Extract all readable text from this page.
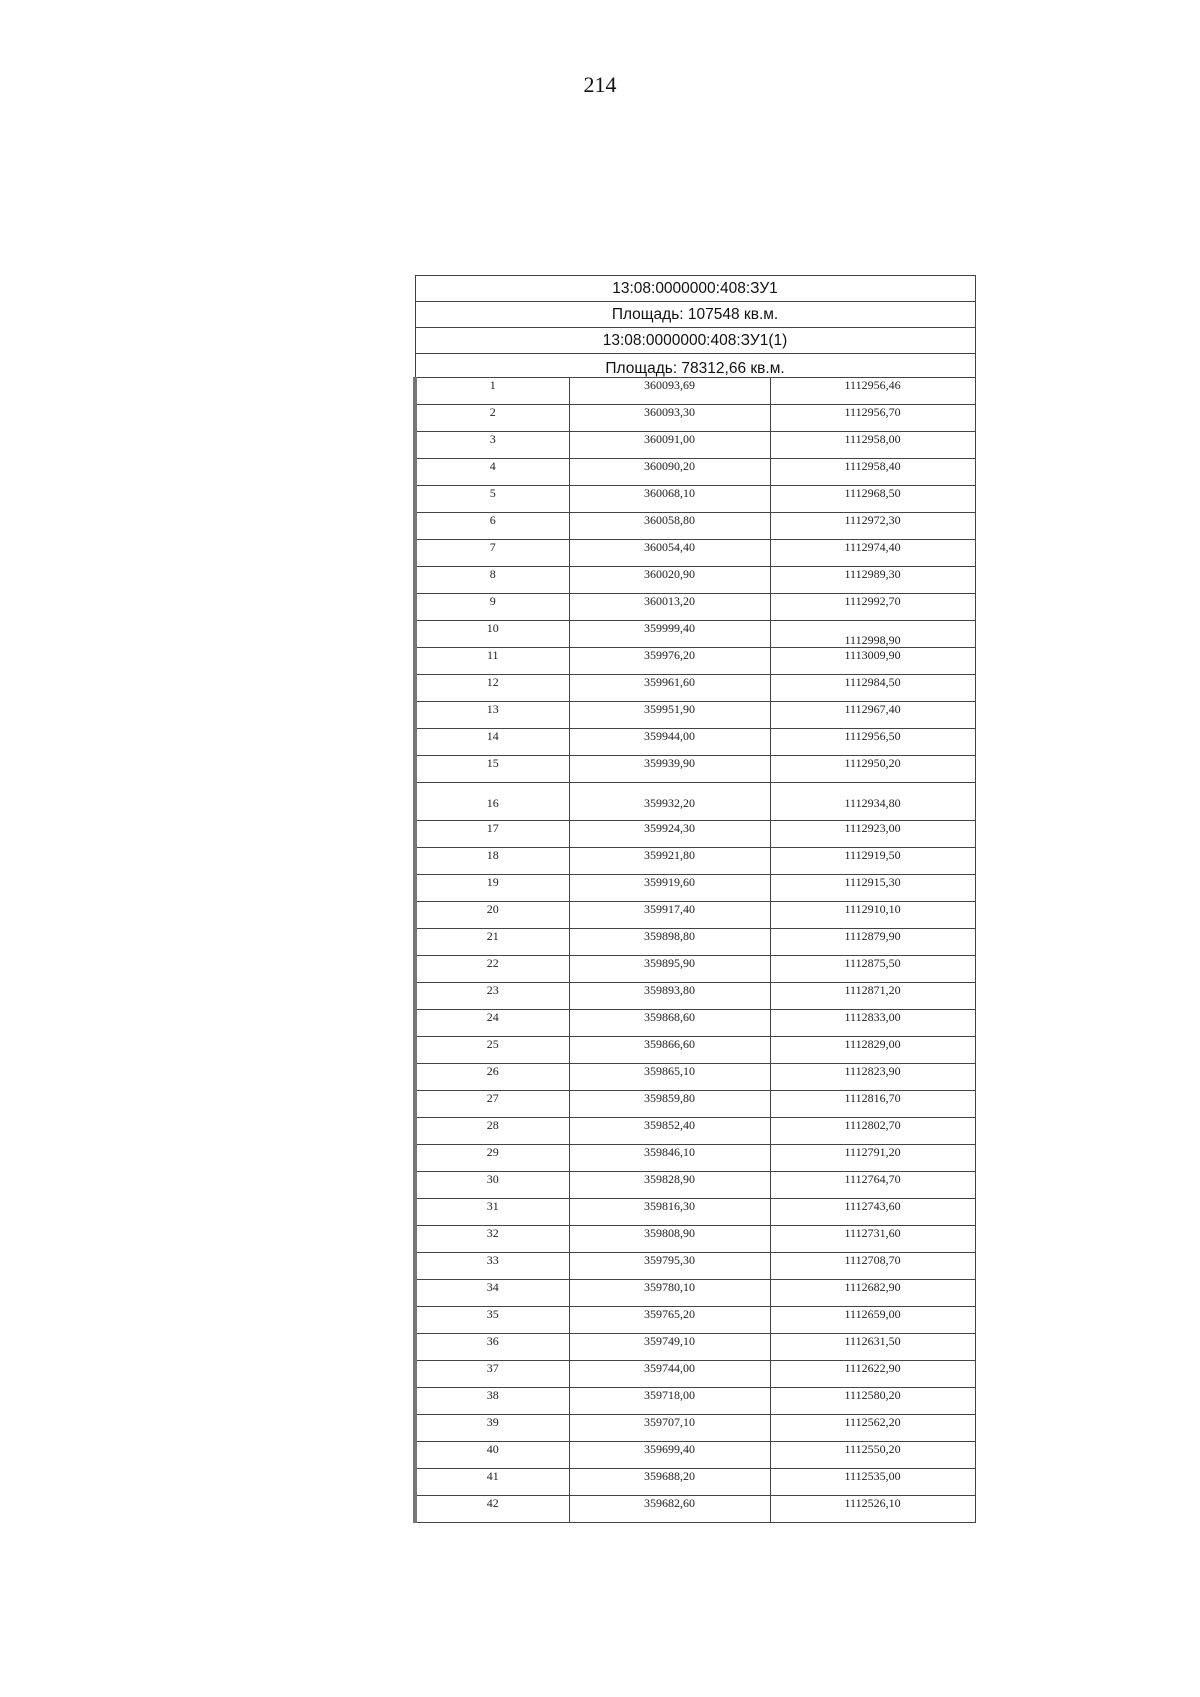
214
13:08:0000000:408:ЗУ1		
Площадь: 107548 кв.м.		
13:08:0000000:408:ЗУ1(1)		
Площадь: 78312,66 кв.м.		
1	360093,69	1112956,46
2	360093,30	1112956,70
3	360091,00	1112958,00
4	360090,20	1112958,40
5	360068,10	1112968,50
6	360058,80	1112972,30
7	360054,40	1112974,40
8	360020,90	1112989,30
9	360013,20	1112992,70
10	359999,40	1112998,90
11	359976,20	1113009,90
12	359961,60	1112984,50
13	359951,90	1112967,40
14	359944,00	1112956,50
15	359939,90	1112950,20
16	359932,20	1112934,80
17	359924,30	1112923,00
18	359921,80	1112919,50
19	359919,60	1112915,30
20	359917,40	1112910,10
21	359898,80	1112879,90
22	359895,90	1112875,50
23	359893,80	1112871,20
24	359868,60	1112833,00
25	359866,60	1112829,00
26	359865,10	1112823,90
27	359859,80	1112816,70
28	359852,40	1112802,70
29	359846,10	1112791,20
30	359828,90	1112764,70
31	359816,30	1112743,60
32	359808,90	1112731,60
33	359795,30	1112708,70
34	359780,10	1112682,90
35	359765,20	1112659,00
36	359749,10	1112631,50
37	359744,00	1112622,90
38	359718,00	1112580,20
39	359707,10	1112562,20
40	359699,40	1112550,20
41	359688,20	1112535,00
42	359682,60	1112526,10
